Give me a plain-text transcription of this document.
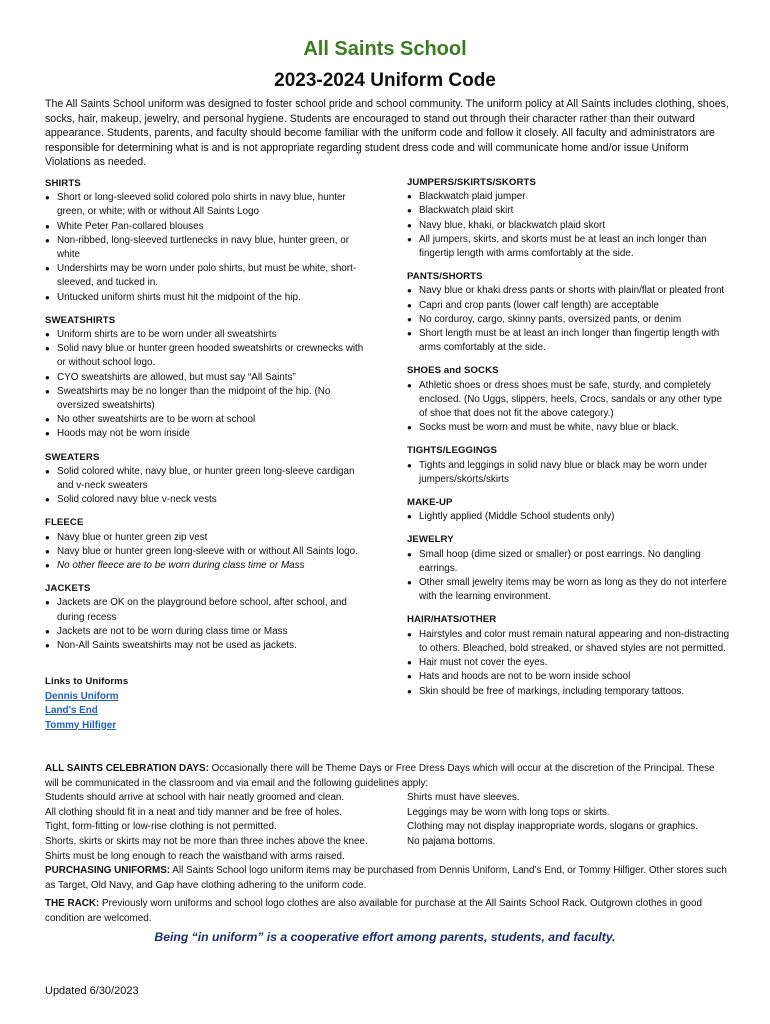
All Saints School
2023-2024 Uniform Code
The All Saints School uniform was designed to foster school pride and school community. The uniform policy at All Saints includes clothing, shoes, socks, hair, makeup, jewelry, and personal hygiene. Students are encouraged to stand out through their character rather than their outward appearance. Students, parents, and faculty should become familiar with the uniform code and follow it closely. All faculty and administrators are responsible for determining what is and is not appropriate regarding student dress code and will communicate home and/or issue Uniform Violations as needed.
SHIRTS
● Short or long-sleeved solid colored polo shirts in navy blue, hunter green, or white; with or without All Saints Logo
● White Peter Pan-collared blouses
● Non-ribbed, long-sleeved turtlenecks in navy blue, hunter green, or white
● Undershirts may be worn under polo shirts, but must be white, short-sleeved, and tucked in.
● Untucked uniform shirts must hit the midpoint of the hip.
SWEATSHIRTS
● Uniform shirts are to be worn under all sweatshirts
● Solid navy blue or hunter green hooded sweatshirts or crewnecks with or without school logo.
● CYO sweatshirts are allowed, but must say “All Saints”
● Sweatshirts may be no longer than the midpoint of the hip. (No oversized sweatshirts)
● No other sweatshirts are to be worn at school
● Hoods may not be worn inside
SWEATERS
● Solid colored white, navy blue, or hunter green long-sleeve cardigan and v-neck sweaters
● Solid colored navy blue v-neck vests
FLEECE
● Navy blue or hunter green zip vest
● Navy blue or hunter green long-sleeve with or without All Saints logo.
● No other fleece are to be worn during class time or Mass
JACKETS
● Jackets are OK on the playground before school, after school, and during recess
● Jackets are not to be worn during class time or Mass
● Non-All Saints sweatshirts may not be used as jackets.
Links to Uniforms
Dennis Uniform
Land's End
Tommy Hilfiger
JUMPERS/SKIRTS/SKORTS
● Blackwatch plaid jumper
● Blackwatch plaid skirt
● Navy blue, khaki, or blackwatch plaid skort
● All jumpers, skirts, and skorts must be at least an inch longer than fingertip length with arms comfortably at the side.
PANTS/SHORTS
● Navy blue or khaki dress pants or shorts with plain/flat or pleated front
● Capri and crop pants (lower calf length) are acceptable
● No corduroy, cargo, skinny pants, oversized pants, or denim
● Short length must be at least an inch longer than fingertip length with arms comfortably at the side.
SHOES and SOCKS
● Athletic shoes or dress shoes must be safe, sturdy, and completely enclosed. (No Uggs, slippers, heels, Crocs, sandals or any other type of shoe that does not fit the above category.)
● Socks must be worn and must be white, navy blue or black.
TIGHTS/LEGGINGS
● Tights and leggings in solid navy blue or black may be worn under jumpers/skorts/skirts
MAKE-UP
● Lightly applied (Middle School students only)
JEWELRY
● Small hoop (dime sized or smaller) or post earrings. No dangling earrings.
● Other small jewelry items may be worn as long as they do not interfere with the learning environment.
HAIR/HATS/OTHER
● Hairstyles and color must remain natural appearing and non-distracting to others. Bleached, bold streaked, or shaved styles are not permitted.
● Hair must not cover the eyes.
● Hats and hoods are not to be worn inside school
● Skin should be free of markings, including temporary tattoos.
ALL SAINTS CELEBRATION DAYS: Occasionally there will be Theme Days or Free Dress Days which will occur at the discretion of the Principal. These will be communicated in the classroom and via email and the following guidelines apply:
Students should arrive at school with hair neatly groomed and clean.
All clothing should fit in a neat and tidy manner and be free of holes.
Tight, form-fitting or low-rise clothing is not permitted.
Shorts, skirts or skirts may not be more than three inches above the knee.
Shirts must be long enough to reach the waistband with arms raised.
Shirts must have sleeves.
Leggings may be worn with long tops or skirts.
Clothing may not display inappropriate words, slogans or graphics.
No pajama bottoms.
PURCHASING UNIFORMS: All Saints School logo uniform items may be purchased from Dennis Uniform, Land’s End, or Tommy Hilfiger. Other stores such as Target, Old Navy, and Gap have clothing adhering to the uniform code.
THE RACK: Previously worn uniforms and school logo clothes are also available for purchase at the All Saints School Rack. Outgrown clothes in good condition are welcomed.
Being “in uniform” is a cooperative effort among parents, students, and faculty.
Updated 6/30/2023
